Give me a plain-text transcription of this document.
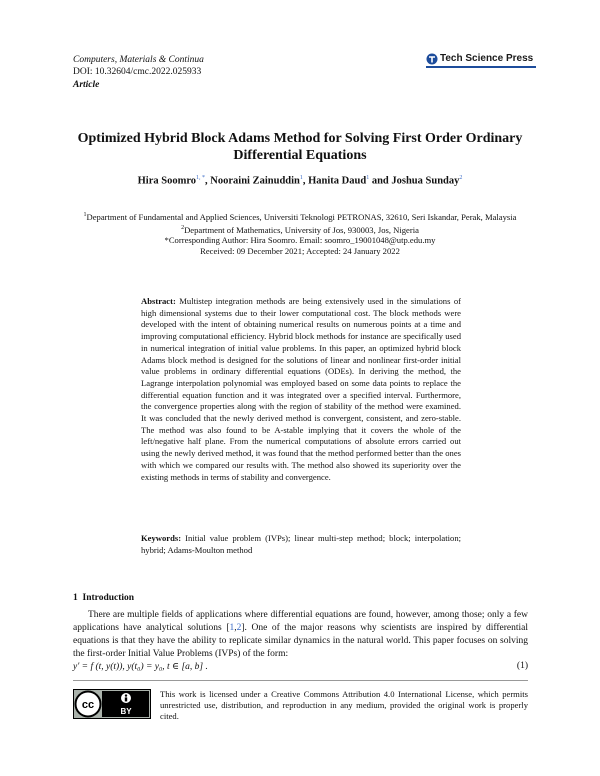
Computers, Materials & Continua
DOI: 10.32604/cmc.2022.025933
Article
Tech Science Press
Optimized Hybrid Block Adams Method for Solving First Order Ordinary Differential Equations
Hira Soomro$^{1, *}$, Nooraini Zainuddin$^1$, Hanita Daud$^1$ and Joshua Sunday$^2$
$^1$Department of Fundamental and Applied Sciences, Universiti Teknologi PETRONAS, 32610, Seri Iskandar, Perak, Malaysia
$^2$Department of Mathematics, University of Jos, 930003, Jos, Nigeria
*Corresponding Author: Hira Soomro. Email: soomro_19001048@utp.edu.my
Received: 09 December 2021; Accepted: 24 January 2022
Abstract: Multistep integration methods are being extensively used in the simulations of high dimensional systems due to their lower computational cost. The block methods were developed with the intent of obtaining numerical results on numerous points at a time and improving computational efficiency. Hybrid block methods for instance are specifically used in numerical integration of initial value problems. In this paper, an optimized hybrid block Adams block method is designed for the solutions of linear and nonlinear first-order initial value problems in ordinary differential equations (ODEs). In deriving the method, the Lagrange interpolation polynomial was employed based on some data points to replace the differential equation function and it was integrated over a specified interval. Furthermore, the convergence properties along with the region of stability of the method were examined. It was concluded that the newly derived method is convergent, consistent, and zero-stable. The method was also found to be A-stable implying that it covers the whole of the left/negative half plane. From the numerical computations of absolute errors carried out using the newly derived method, it was found that the method performed better than the ones with which we compared our results with. The method also showed its superiority over the existing methods in terms of stability and convergence.
Keywords: Initial value problem (IVPs); linear multi-step method; block; interpolation; hybrid; Adams-Moulton method
1 Introduction

There are multiple fields of applications where differential equations are found, however, among those; only a few applications have analytical solutions [1,2]. One of the major reasons why scientists are inspired by differential equations is that they have the ability to replicate similar dynamics in the natural world. This paper focuses on solving the first-order Initial Value Problems (IVPs) of the form:

y′ = f (t, y(t)), y(t₀) = y₀, t ∈ [a, b] .	(1)
cc
BY
This work is licensed under a Creative Commons Attribution 4.0 International License, which permits unrestricted use, distribution, and reproduction in any medium, provided the original work is properly cited.
